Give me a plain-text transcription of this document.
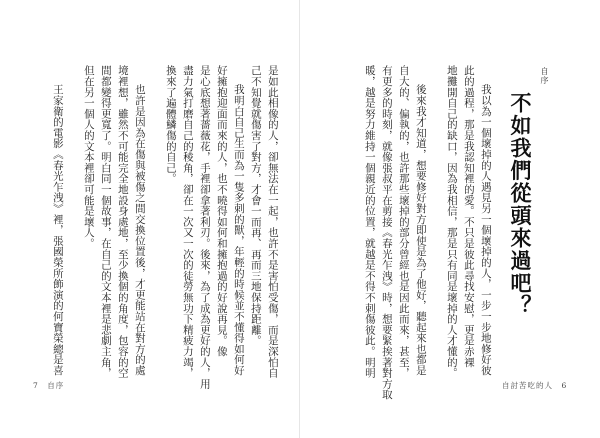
是如此相像的人，卻無法在一起，也許不是害怕受傷，而是深怕自
己不知覺就傷害了對方，才會一而再、再而三地保持距離。
我明白自己生而為一隻多刺的獸，年輕的時候並不懂得如何好
好擁抱迎面而來的人，也不曉得如何和擁抱過的好說再見。像
是心底想著薔薇花，手裡卻拿著利刃。後來，為了成為更好的人，用
盡力氣打磨自己的稜角，卻在一次又一次的徒勞無功下精疲力竭，
換來了遍體鱗傷的自己。
也許是因為在傷與被傷之間交換位置後，才更能站在對方的處
境裡想，雖然不可能完全地設身處地，至少換個的角度，包容的空
間都變得更寬了。明白同一個故事，在自己的文本裡是悲劇主角，
但在另一個人的文本裡卻可能是壞人。
王家衛的電影《春光乍洩》裡，張國榮所飾演的何寶榮總是喜
7　自序
自序
不如我們從頭來過吧？
我以為一個壞掉的人遇見另一個壞掉的人，一步一步地修好彼
此的過程，那是我認知裡的愛。不只是彼此尋找安慰，更是赤裸
地攤開自己的缺口，因為我相信，那是只有同是壞掉的人才懂的。
後來我才知道，想要修好對方即使是為了他好，聽起來也都是
自大的、偏執的，也許那些壞掉的部分曾經也是因此而來，甚至，
有更多的時刻，就像張叔平在剪接《春光乍洩》時，想要緊挨著對方取
暖，越是努力維持一個親近的位置，就越是不得不刺傷彼此。明明
自討苦吃的人　6
